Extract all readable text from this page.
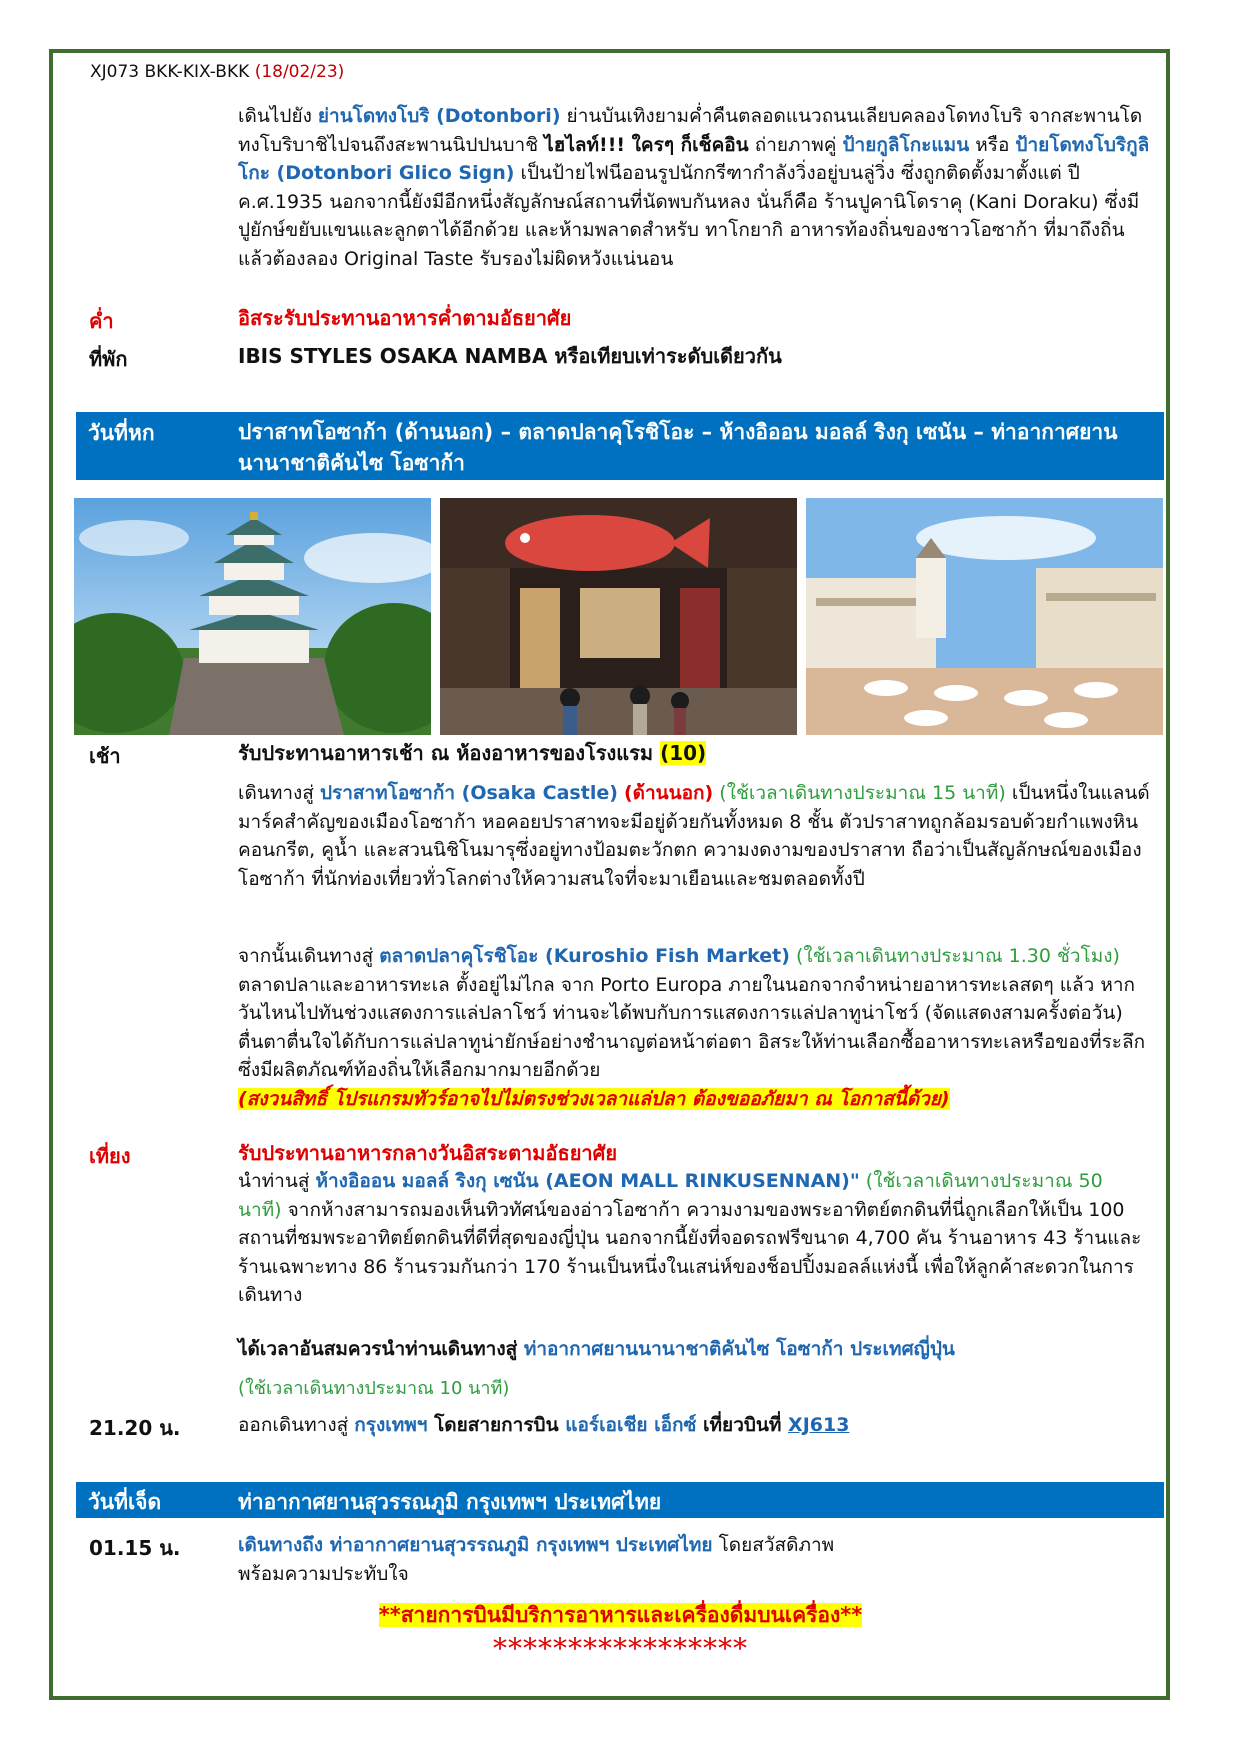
XJ073 BKK-KIX-BKK (18/02/23)
เดินไปยัง ย่านโดทงโบริ (Dotonbori) ย่านบันเทิงยามค่ำคืนตลอดแนวถนนเลียบคลองโดทงโบริ จากสะพานโดทงโบริบาชิไปจนถึงสะพานนิปปนบาชิ ไฮไลท์!!! ใครๆ ก็เช็คอิน ถ่ายภาพคู่ ป้ายกูลิโกะแมน หรือ ป้ายโดทงโบริกูลิโกะ (Dotonbori Glico Sign) เป็นป้ายไฟนีออนรูปนักกรีฑากำลังวิ่งอยู่บนลู่วิ่ง ซึ่งถูกติดตั้งมาตั้งแต่ ปี ค.ศ.1935 นอกจากนี้ยังมีอีกหนึ่งสัญลักษณ์สถานที่นัดพบกันหลง นั่นก็คือ ร้านปูคานิโดราคุ (Kani Doraku) ซึ่งมีปูยักษ์ขยับแขนและลูกตาได้อีกด้วย และห้ามพลาดสำหรับ ทาโกยากิ อาหารท้องถิ่นของชาวโอซาก้า ที่มาถึงถิ่นแล้วต้องลอง Original Taste รับรองไม่ผิดหวังแน่นอน
ค่ำ	อิสระรับประทานอาหารค่ำตามอัธยาศัย
ที่พัก	IBIS STYLES OSAKA NAMBA หรือเทียบเท่าระดับเดียวกัน
วันที่หก	ปราสาทโอซาก้า (ด้านนอก) – ตลาดปลาคุโรชิโอะ – ห้างอิออน มอลล์ ริงกุ เซนัน – ท่าอากาศยานนานาชาติคันไซ โอซาก้า
เช้า	รับประทานอาหารเช้า ณ ห้องอาหารของโรงแรม (10)
เดินทางสู่ ปราสาทโอซาก้า (Osaka Castle) (ด้านนอก) (ใช้เวลาเดินทางประมาณ 15 นาที) เป็นหนึ่งในแลนด์มาร์คสำคัญของเมืองโอซาก้า หอคอยปราสาทจะมีอยู่ด้วยกันทั้งหมด 8 ชั้น ตัวปราสาทถูกล้อมรอบด้วยกำแพงหินคอนกรีต, คูน้ำ และสวนนิชิโนมารุซึ่งอยู่ทางป้อมตะวักตก ความงดงามของปราสาท ถือว่าเป็นสัญลักษณ์ของเมืองโอซาก้า ที่นักท่องเที่ยวทั่วโลกต่างให้ความสนใจที่จะมาเยือนและชมตลอดทั้งปี
จากนั้นเดินทางสู่ ตลาดปลาคุโรชิโอะ (Kuroshio Fish Market) (ใช้เวลาเดินทางประมาณ 1.30 ชั่วโมง) ตลาดปลาและอาหารทะเล ตั้งอยู่ไม่ไกล จาก Porto Europa ภายในนอกจากจำหน่ายอาหารทะเลสดๆ แล้ว หากวันไหนไปทันช่วงแสดงการแล่ปลาโชว์ ท่านจะได้พบกับการแสดงการแล่ปลาทูน่าโชว์ (จัดแสดงสามครั้งต่อวัน) ตื่นตาตื่นใจได้กับการแล่ปลาทูน่ายักษ์อย่างชำนาญต่อหน้าต่อตา อิสระให้ท่านเลือกซื้ออาหารทะเลหรือของที่ระลึกซึ่งมีผลิตภัณฑ์ท้องถิ่นให้เลือกมากมายอีกด้วย
(สงวนสิทธิ์ โปรแกรมทัวร์อาจไปไม่ตรงช่วงเวลาแล่ปลา ต้องขออภัยมา ณ โอกาสนี้ด้วย)
เที่ยง	รับประทานอาหารกลางวันอิสระตามอัธยาศัย
นำท่านสู่ ห้างอิออน มอลล์ ริงกุ เซนัน (AEON MALL RINKUSENNAN)" (ใช้เวลาเดินทางประมาณ 50 นาที) จากห้างสามารถมองเห็นทิวทัศน์ของอ่าวโอซาก้า ความงามของพระอาทิตย์ตกดินที่นี่ถูกเลือกให้เป็น 100 สถานที่ชมพระอาทิตย์ตกดินที่ดีที่สุดของญี่ปุ่น นอกจากนี้ยังที่จอดรถฟรีขนาด 4,700 คัน ร้านอาหาร 43 ร้านและร้านเฉพาะทาง 86 ร้านรวมกันกว่า 170 ร้านเป็นหนึ่งในเสน่ห์ของช็อปปิ้งมอลล์แห่งนี้ เพื่อให้ลูกค้าสะดวกในการเดินทาง
ได้เวลาอันสมควรนำท่านเดินทางสู่ ท่าอากาศยานนานาชาติคันไซ โอซาก้า ประเทศญี่ปุ่น
(ใช้เวลาเดินทางประมาณ 10 นาที)
21.20 น.	ออกเดินทางสู่ กรุงเทพฯ โดยสายการบิน แอร์เอเชีย เอ็กซ์ เที่ยวบินที่ XJ613
วันที่เจ็ด	ท่าอากาศยานสุวรรณภูมิ กรุงเทพฯ ประเทศไทย
01.15 น.	เดินทางถึง ท่าอากาศยานสุวรรณภูมิ กรุงเทพฯ ประเทศไทย โดยสวัสดิภาพ
พร้อมความประทับใจ
**สายการบินมีบริการอาหารและเครื่องดื่มบนเครื่อง**
*****************
